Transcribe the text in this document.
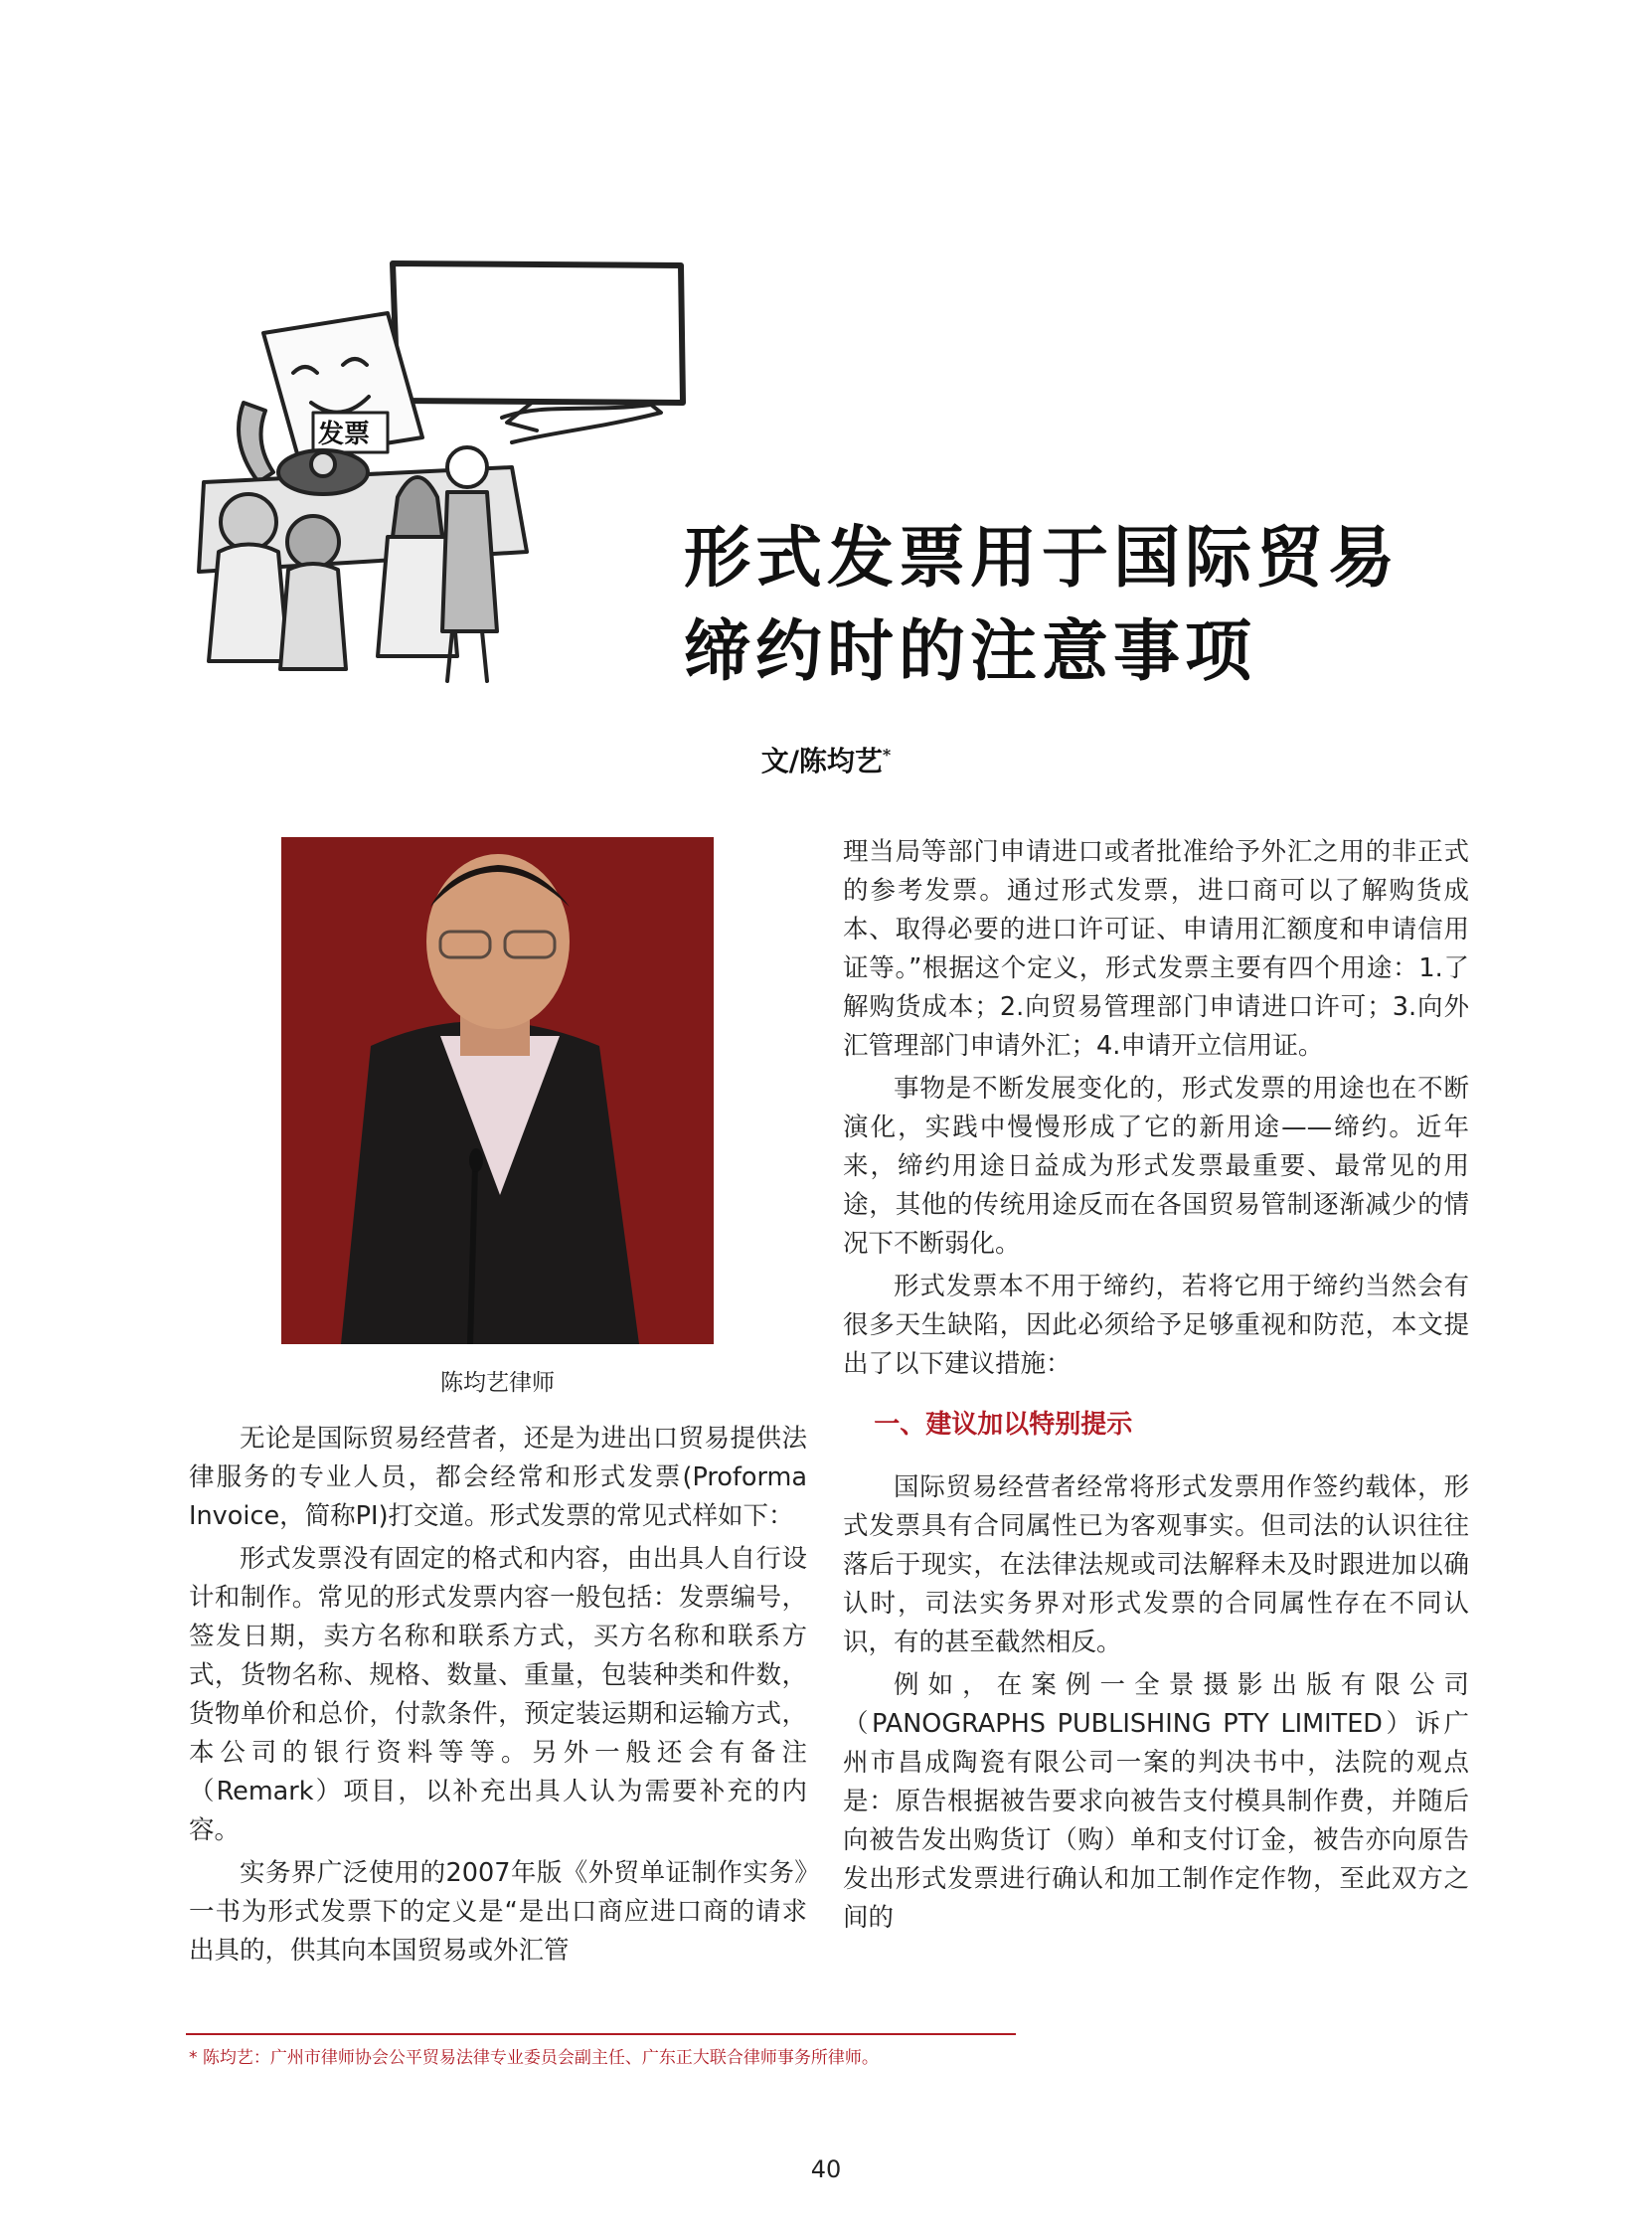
发票
形式发票用于国际贸易
缔约时的注意事项
文/陈均艺*
陈均艺律师

无论是国际贸易经营者，还是为进出口贸易提供法律服务的专业人员，都会经常和形式发票(Proforma Invoice，简称PI)打交道。形式发票的常见式样如下：

形式发票没有固定的格式和内容，由出具人自行设计和制作。常见的形式发票内容一般包括：发票编号，签发日期，卖方名称和联系方式，买方名称和联系方式，货物名称、规格、数量、重量，包装种类和件数，货物单价和总价，付款条件，预定装运期和运输方式，本公司的银行资料等等。另外一般还会有备注（Remark）项目，以补充出具人认为需要补充的内容。

实务界广泛使用的2007年版《外贸单证制作实务》一书为形式发票下的定义是“是出口商应进口商的请求出具的，供其向本国贸易或外汇管

理当局等部门申请进口或者批准给予外汇之用的非正式的参考发票。通过形式发票，进口商可以了解购货成本、取得必要的进口许可证、申请用汇额度和申请信用证等。”根据这个定义，形式发票主要有四个用途：1.了解购货成本；2.向贸易管理部门申请进口许可；3.向外汇管理部门申请外汇；4.申请开立信用证。

事物是不断发展变化的，形式发票的用途也在不断演化，实践中慢慢形成了它的新用途——缔约。近年来，缔约用途日益成为形式发票最重要、最常见的用途，其他的传统用途反而在各国贸易管制逐渐减少的情况下不断弱化。

形式发票本不用于缔约，若将它用于缔约当然会有很多天生缺陷，因此必须给予足够重视和防范，本文提出了以下建议措施：

一、建议加以特别提示

国际贸易经营者经常将形式发票用作签约载体，形式发票具有合同属性已为客观事实。但司法的认识往往落后于现实，在法律法规或司法解释未及时跟进加以确认时，司法实务界对形式发票的合同属性存在不同认识，有的甚至截然相反。

例如，在案例一全景摄影出版有限公司（PANOGRAPHS PUBLISHING PTY LIMITED）诉广州市昌成陶瓷有限公司一案的判决书中，法院的观点是：原告根据被告要求向被告支付模具制作费，并随后向被告发出购货订（购）单和支付订金，被告亦向原告发出形式发票进行确认和加工制作定作物，至此双方之间的

* 陈均艺：广州市律师协会公平贸易法律专业委员会副主任、广东正大联合律师事务所律师。
40
